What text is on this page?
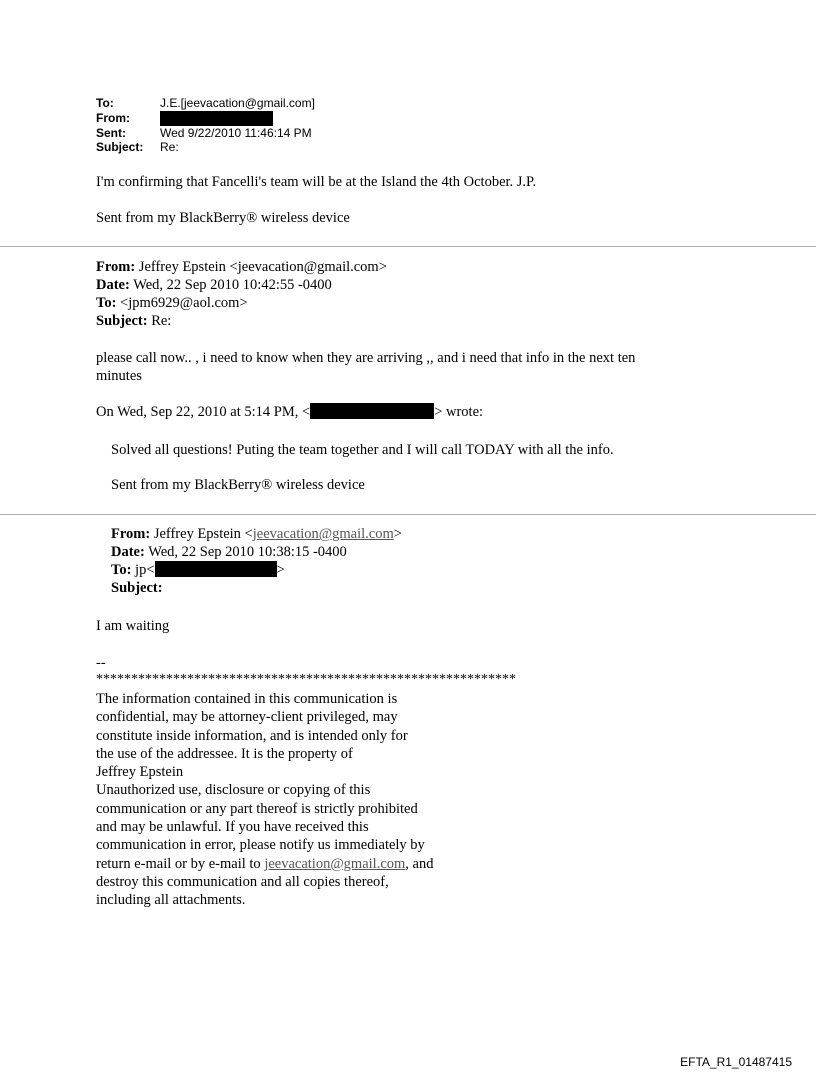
To:	J.E.[jeevacation@gmail.com]
From:
Sent:	Wed 9/22/2010 11:46:14 PM
Subject:	Re:
I'm confirming that Fancelli's team will be at the Island the 4th October. J.P.
Sent from my BlackBerry® wireless device
From: Jeffrey Epstein <jeevacation@gmail.com>
Date: Wed, 22 Sep 2010 10:42:55 -0400
To: <jpm6929@aol.com>
Subject: Re:
please call now.. , i need to know when they are arriving ,, and i need that info in the next ten
minutes
On Wed, Sep 22, 2010 at 5:14 PM, <	> wrote:
Solved all questions! Puting the team together and I will call TODAY with all the info.
Sent from my BlackBerry® wireless device
From: Jeffrey Epstein <jeevacation@gmail.com>
Date: Wed, 22 Sep 2010 10:38:15 -0400
To: jp<	>
Subject:
I am waiting
--
************************************************************
The information contained in this communication is
confidential, may be attorney-client privileged, may
constitute inside information, and is intended only for
the use of the addressee. It is the property of
Jeffrey Epstein
Unauthorized use, disclosure or copying of this
communication or any part thereof is strictly prohibited
and may be unlawful. If you have received this
communication in error, please notify us immediately by
return e-mail or by e-mail to jeevacation@gmail.com, and
destroy this communication and all copies thereof,
including all attachments.
EFTA_R1_01487415
